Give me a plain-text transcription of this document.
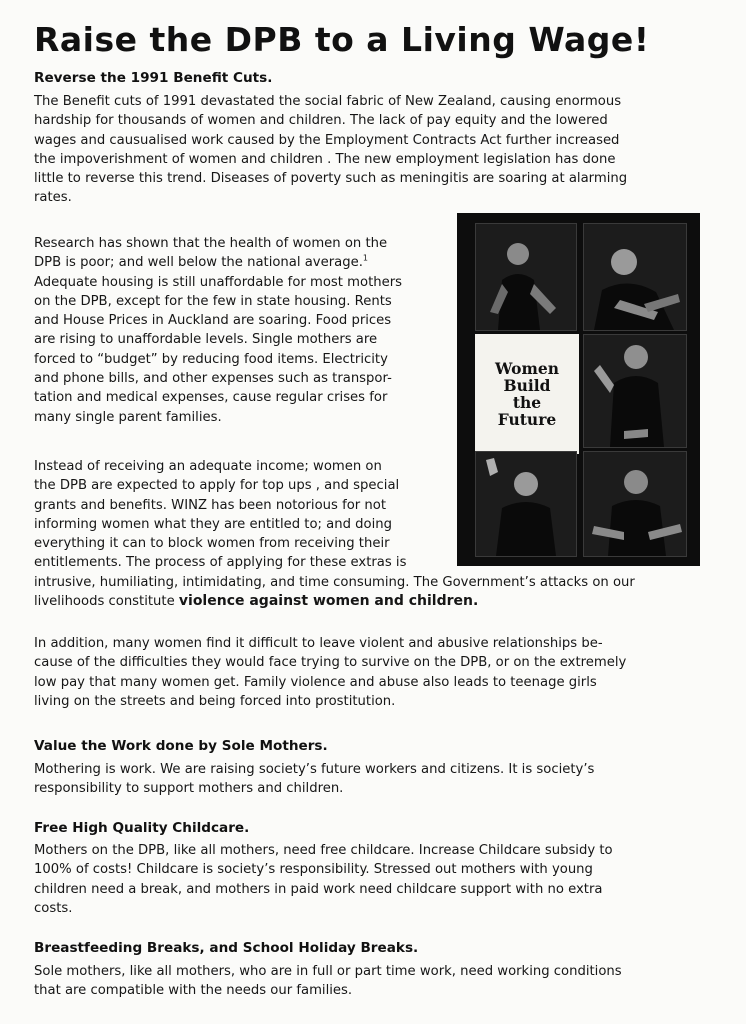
Raise the DPB to a Living Wage!
Reverse the 1991 Benefit Cuts.

The Benefit cuts of 1991 devastated the social fabric of New Zealand, causing enormous
hardship for thousands of women and children. The lack of pay equity and the lowered
wages and causualised work caused by the Employment Contracts Act further increased
the impoverishment of women and children . The new employment legislation has done
little to reverse this trend. Diseases of poverty such as meningitis are soaring at alarming
rates.

Research has shown that the health of women on the
DPB is poor; and well below the national average.$^1$
Adequate housing is still unaffordable for most mothers
on the DPB, except for the few in state housing. Rents
and House Prices in Auckland are soaring. Food prices
are rising to unaffordable levels. Single mothers are
forced to “budget” by reducing food items. Electricity
and phone bills, and other expenses such as transpor-
tation and medical expenses, cause regular crises for
many single parent families.

Instead of receiving an adequate income; women on
the DPB are expected to apply for top ups , and special
grants and benefits. WINZ has been notorious for not
informing women what they are entitled to; and doing
everything it can to block women from receiving their
entitlements. The process of applying for these extras is
intrusive, humiliating, intimidating, and time consuming. The Government’s attacks on our
livelihoods constitute violence against women and children.

In addition, many women find it difficult to leave violent and abusive relationships be-
cause of the difficulties they would face trying to survive on the DPB, or on the extremely
low pay that many women get. Family violence and abuse also leads to teenage girls
living on the streets and being forced into prostitution.

Value the Work done by Sole Mothers.

Mothering is work. We are raising society’s future workers and citizens. It is society’s
responsibility to support mothers and children.

Free High Quality Childcare.

Mothers on the DPB, like all mothers, need free childcare. Increase Childcare subsidy to
100% of costs! Childcare is society’s responsibility. Stressed out mothers with young
children need a break, and mothers in paid work need childcare support with no extra
costs.

Breastfeeding Breaks, and School Holiday Breaks.

Sole mothers, like all mothers, who are in full or part time work, need working conditions
that are compatible with the needs our families.

Women
Build
the
Future
